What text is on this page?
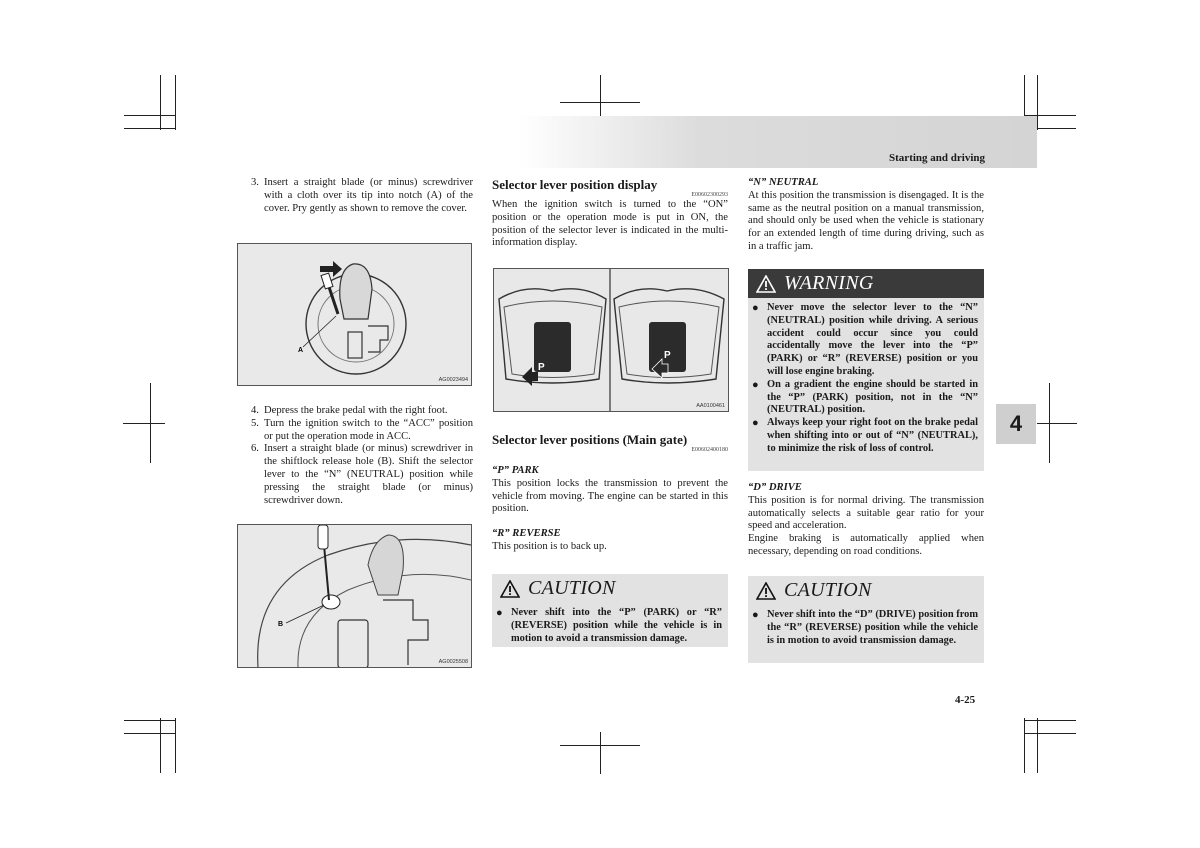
Starting and driving
4
4-25
3. Insert a straight blade (or minus) screwdriver with a cloth over its tip into notch (A) of the cover. Pry gently as shown to remove the cover.
A
AG0023494
4. Depress the brake pedal with the right foot.
5. Turn the ignition switch to the “ACC” position or put the operation mode in ACC.
6. Insert a straight blade (or minus) screwdriver in the shiftlock release hole (B). Shift the selector lever to the “N” (NEUTRAL) position while pressing the straight blade (or minus) screwdriver down.
B
AG0025508
Selector lever position display
E00602300293

When the ignition switch is turned to the “ON” position or the operation mode is put in ON, the position of the selector lever is indicated in the multi-information display.

P
P
AA0100461
Selector lever positions (Main gate)
E00602400180
“P” PARK

This position locks the transmission to prevent the vehicle from moving. The engine can be started in this position.

“R” REVERSE

This position is to back up.

CAUTION
● Never shift into the “P” (PARK) or “R” (REVERSE) position while the vehicle is in motion to avoid a transmission damage.
“N” NEUTRAL

At this position the transmission is disengaged. It is the same as the neutral position on a manual transmission, and should only be used when the vehicle is stationary for an extended length of time during driving, such as in a traffic jam.

WARNING
● Never move the selector lever to the “N” (NEUTRAL) position while driving. A serious accident could occur since you could accidentally move the lever into the “P” (PARK) or “R” (REVERSE) position or you will lose engine braking.
● On a gradient the engine should be started in the “P” (PARK) position, not in the “N” (NEUTRAL) position.
● Always keep your right foot on the brake pedal when shifting into or out of “N” (NEUTRAL), to minimize the risk of loss of control.
“D” DRIVE

This position is for normal driving. The transmission automatically selects a suitable gear ratio for your speed and acceleration.

Engine braking is automatically applied when necessary, depending on road conditions.

CAUTION
● Never shift into the “D” (DRIVE) position from the “R” (REVERSE) position while the vehicle is in motion to avoid transmission damage.
